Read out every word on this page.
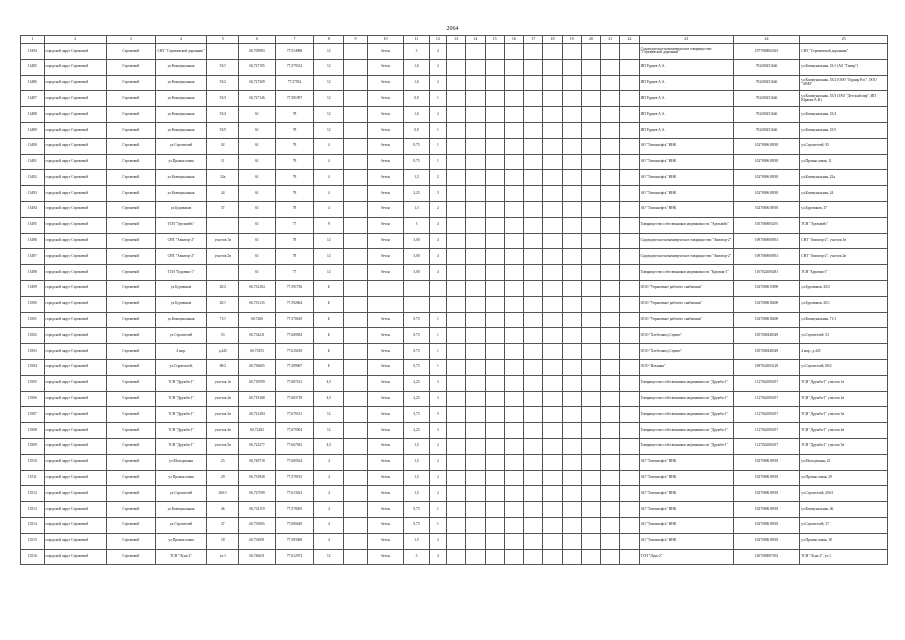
2064
1	2	3	4	5	6	7	8	9	10	11	12	13	14	15	16	17	18	19	20	21	22	23	24	25
13494	городской округ Стрежевой	Стрежевой	СНТ "Стрежевской дорожник"		60,709983	77,514968	12		бетон	3	4											Садоводческое некоммерческое товарищество "Стрежевской дорожник"	1077000002023	СНТ "Стрежевской дорожник"
13485	городской округ Стрежевой	Стрежевой	ул.Коммунальная	53/1	60,727195	77,579312	12		бетон	1,6	2											ИП Руднев А.А.	702200251646	ул.Коммунальная, 53/1 (АО "Тимер")
13486	городской округ Стрежевой	Стрежевой	ул.Коммунальная	53/2	60,727309	77,57932	12		бетон	1,6	2											ИП Руднев А.А.	702200251646	ул.Коммунальная, 53/2 (ООО "Бурнар Рос", ООО "АВМ"
13487	городской округ Стрежевой	Стрежевой	ул.Коммунальная	53/3	60,727126	77,581097	12		бетон	0,8	1											ИП Руднев А.А.	702200251646	ул.Коммунальная, 53/3 (ТАО "Детский мир", ИП Юркова А.В.)
13488	городской округ Стрежевой	Стрежевой	ул.Коммунальная	53/4	61	78	12		бетон	1,6	2											ИП Руднев А.А.	702200251646	ул.Коммунальная, 53/4
13489	городской округ Стрежевой	Стрежевой	ул.Коммунальная	53/5	61	78	12		бетон	0,8	1											ИП Руднев А.А.	702200251646	ул.Коммунальная, 53/5
13490	городской округ Стрежевой	Стрежевой	ул.Строителей	92	61	78	4		бетон	0,75	1											АО "Томскнефть" ВНК	1027000618918	ул.Строителей, 92
13491	городской округ Стрежевой	Стрежевой	ул.Промысловая	11	61	78	4		бетон	0,75	1											АО "Томскнефть" ВНК	1027000618918	ул.Промысловая, 11
13492	городской округ Стрежевой	Стрежевой	ул.Коммунальная	22а	61	78	4		бетон	1,5	2											АО "Томскнефть" ВНК	1027000618918	ул.Коммунальная, 22а
13493	городской округ Стрежевой	Стрежевой	ул.Коммунальная	24	61	78	4		бетон	2,25	3											АО "Томскнефть" ВНК	1027000618918	ул.Коммунальная, 24
13494	городской округ Стрежевой	Стрежевой	ул.Буровиков	37	61	78	4		бетон	1,5	2											АО "Томскнефть" ВНК	1027000618918	ул.Буровиков, 37
13495	городской округ Стрежевой	Стрежевой	ТСН "Эдельвейс"		61	77	9		бетон	3	4											Товарищество собственников недвижимости "Эдельвейс"	1057000083291	ТСН "Эдельвейс"
13496	городской округ Стрежевой	Стрежевой	СНТ "Авиатор-2"	участок 1в	61	78	12		бетон	3,00	4											Садоводческое некоммерческое товарищество "Авиатор-2"	1097000000851	СНТ "Авиатор-2", участок 1в
13497	городской округ Стрежевой	Стрежевой	СНТ "Авиатор-2"	участок 2в	61	78	12		бетон	3,00	4											Садоводческое некоммерческое товарищество "Авиатор-2"	1097000000851	СНТ "Авиатор-2", участок 2в
13498	городской округ Стрежевой	Стрежевой	ТСН "Буровик-1"		61	77	12		бетон	3,00	4											Товарищество собственников недвижимости "Буровик-1"	1107022000281	ТСН "Буровик-1"
13499	городской округ Стрежевой	Стрежевой	ул.Буровиков	20/2	60,732184	77,591736	Б															ООО "Управление рабочего снабжения"	1027000615890	ул.Буровиков, 20/2
13500	городской округ Стрежевой	Стрежевой	ул.Буровиков	20/1	60,733135	77,592064	Б															ООО "Управление рабочего снабжения"	1027000618400	ул.Буровиков, 20/1
13501	городской округ Стрежевой	Стрежевой	ул.Коммунальная	71/1	60,7206	77,570618	Б		бетон	0,75	1											ООО "Управление рабочего снабжения"	1027000618400	ул.Коммунальная, 71/1
13502	городской округ Стрежевой	Стрежевой	ул.Строителей	53	60,734231	77,600584	Б		бетон	0,75	1											ООО "Хлебозавод Сервис"	1057000448349	ул.Строителей, 53
13503	городской округ Стрежевой	Стрежевой	4 мкр.	д.445	60,73353	77,610418	Б		бетон	0,75	1											ООО "Хлебозавод Сервис"	1057000448349	4 мкр., д.445
13504	городской округ Стрежевой	Стрежевой	ул.Строителей,	68/2	60,736665	77,589067	Б		бетон	0,75	1											ООО "Ильинка"	1097022003129	ул.Строителей, 68/2
13505	городской округ Стрежевой	Стрежевой	ТСН "Дружба-1"	участок 1в	60,718599	77,687412	4,5		бетон	2,25	3											Товарищество собственников недвижимости "Дружба-1"	1127022000237	ТСН "Дружба-1" участок 1в
13506	городской округ Стрежевой	Стрежевой	ТСН "Дружба-1"	участок 2в	60,718168	77,683718	4,5		бетон	2,25	3											Товарищество собственников недвижимости "Дружба-1"	1127022000237	ТСН "Дружба-1" участок 2в
13507	городской округ Стрежевой	Стрежевой	ТСН "Дружба-1"	участок 3в	60,721284	77,670311	12		бетон	3,75	5											Товарищество собственников недвижимости "Дружба-1"	1127022000237	ТСН "Дружба-1" участок 3в
13508	городской округ Стрежевой	Стрежевой	ТСН "Дружба-1"	участок 4в	60,72282	77,670504	12		бетон	2,25	3											Товарищество собственников недвижимости "Дружба-1"	1127022000237	ТСН "Дружба-1" участок 4в
13509	городской округ Стрежевой	Стрежевой	ТСН "Дружба-1"	участок 5в	60,722277	77,667943	4,5		бетон	1,5	2											Товарищество собственников недвижимости "Дружба-1"	1127022000237	ТСН "Дружба-1" участок 5в
13510	городской округ Стрежевой	Стрежевой	ул.Молодежная	23	60,749718	77,600524	4		бетон	1,5	2											АО "Томскнефть" ВНК	1027000618918	ул.Молодежная, 23
13511	городской округ Стрежевой	Стрежевой	ул.Промысловая	29	60,733928	77,578193	4		бетон	1,5	2											АО "Томскнефть" ВНК	1027000618918	ул.Промысловая, 29
13512	городской округ Стрежевой	Стрежевой	ул.Строителей	20б/1	60,727599	77,613023	4		бетон	1,5	2											АО "Томскнефть" ВНК	1027000618918	ул.Строителей, 20б/1
13513	городской округ Стрежевой	Стрежевой	ул.Коммунальная	46	60,732119	77,578495	4		бетон	0,75	1											АО "Томскнефть" ВНК	1027000618918	ул.Коммунальная, 46
13514	городской округ Стрежевой	Стрежевой	ул.Строителей	37	60,733965	77,600449	4		бетон	0,75	1											АО "Томскнефть" ВНК	1027000618918	ул.Строителей, 37
13515	городской округ Стрежевой	Стрежевой	ул.Промысловая	18	60,734091	77,583308	4		бетон	1,5	2											АО "Томскнефть" ВНК	1027000618918	ул.Промысловая, 18
13516	городской округ Стрежевой	Стрежевой	ТСН "Луна-2"	уч.1	60,746631	77,612072	12		бетон	3	4											ТСН "Луна-2"	1207000007033	ТСН "Луна-2", уч.1
